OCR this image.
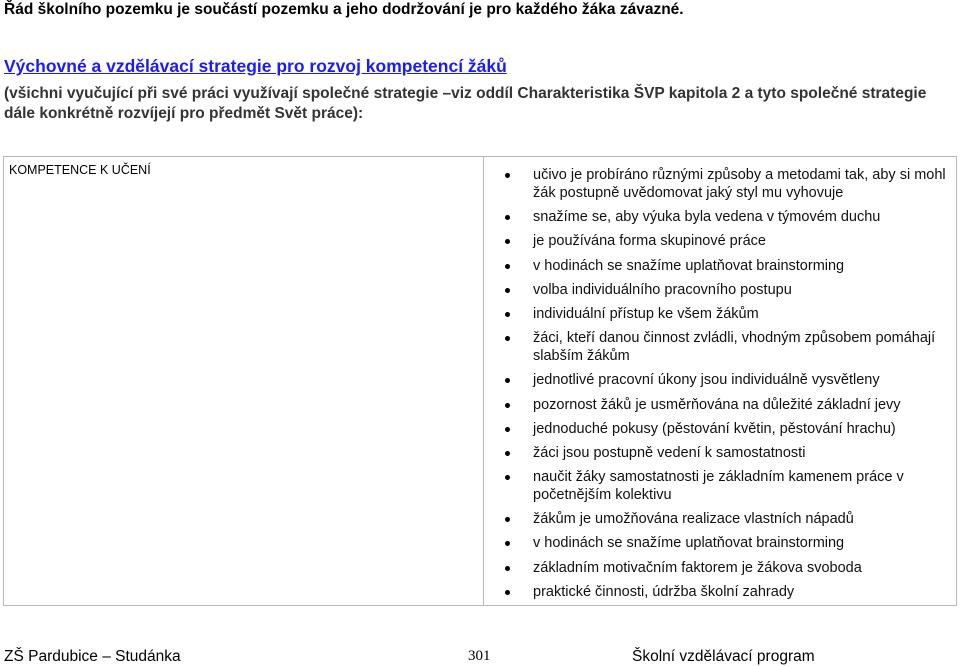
Řád školního pozemku je součástí pozemku a jeho dodržování je pro každého žáka závazné.
Výchovné a vzdělávací strategie pro rozvoj kompetencí žáků
(všichni vyučující při své práci využívají společné strategie –viz oddíl Charakteristika ŠVP kapitola 2 a tyto společné strategie dále konkrétně rozvíjejí pro předmět Svět práce):
KOMPETENCE K UČENÍ	učivo je probíráno různými způsoby a metodami tak, aby si mohl žák postupně uvědomovat jaký styl mu vyhovuje
snažíme se, aby výuka byla vedena v týmovém duchu
je používána forma skupinové práce
v hodinách se snažíme uplatňovat brainstorming
volba individuálního pracovního postupu
individuální přístup ke všem žákům
žáci, kteří danou činnost zvládli, vhodným způsobem pomáhají slabším žákům
jednotlivé pracovní úkony jsou individuálně vysvětleny
pozornost žáků je usměrňována na důležité základní jevy
jednoduché pokusy (pěstování květin, pěstování hrachu)
žáci jsou postupně vedení k samostatnosti
naučit žáky samostatnosti je základním kamenem práce v početnějším kolektivu
žákům je umožňována realizace vlastních nápadů
v hodinách se snažíme uplatňovat brainstorming
základním motivačním faktorem je žákova svoboda
praktické činnosti, údržba školní zahrady
ZŠ Pardubice – Studánka	301	Školní vzdělávací program
